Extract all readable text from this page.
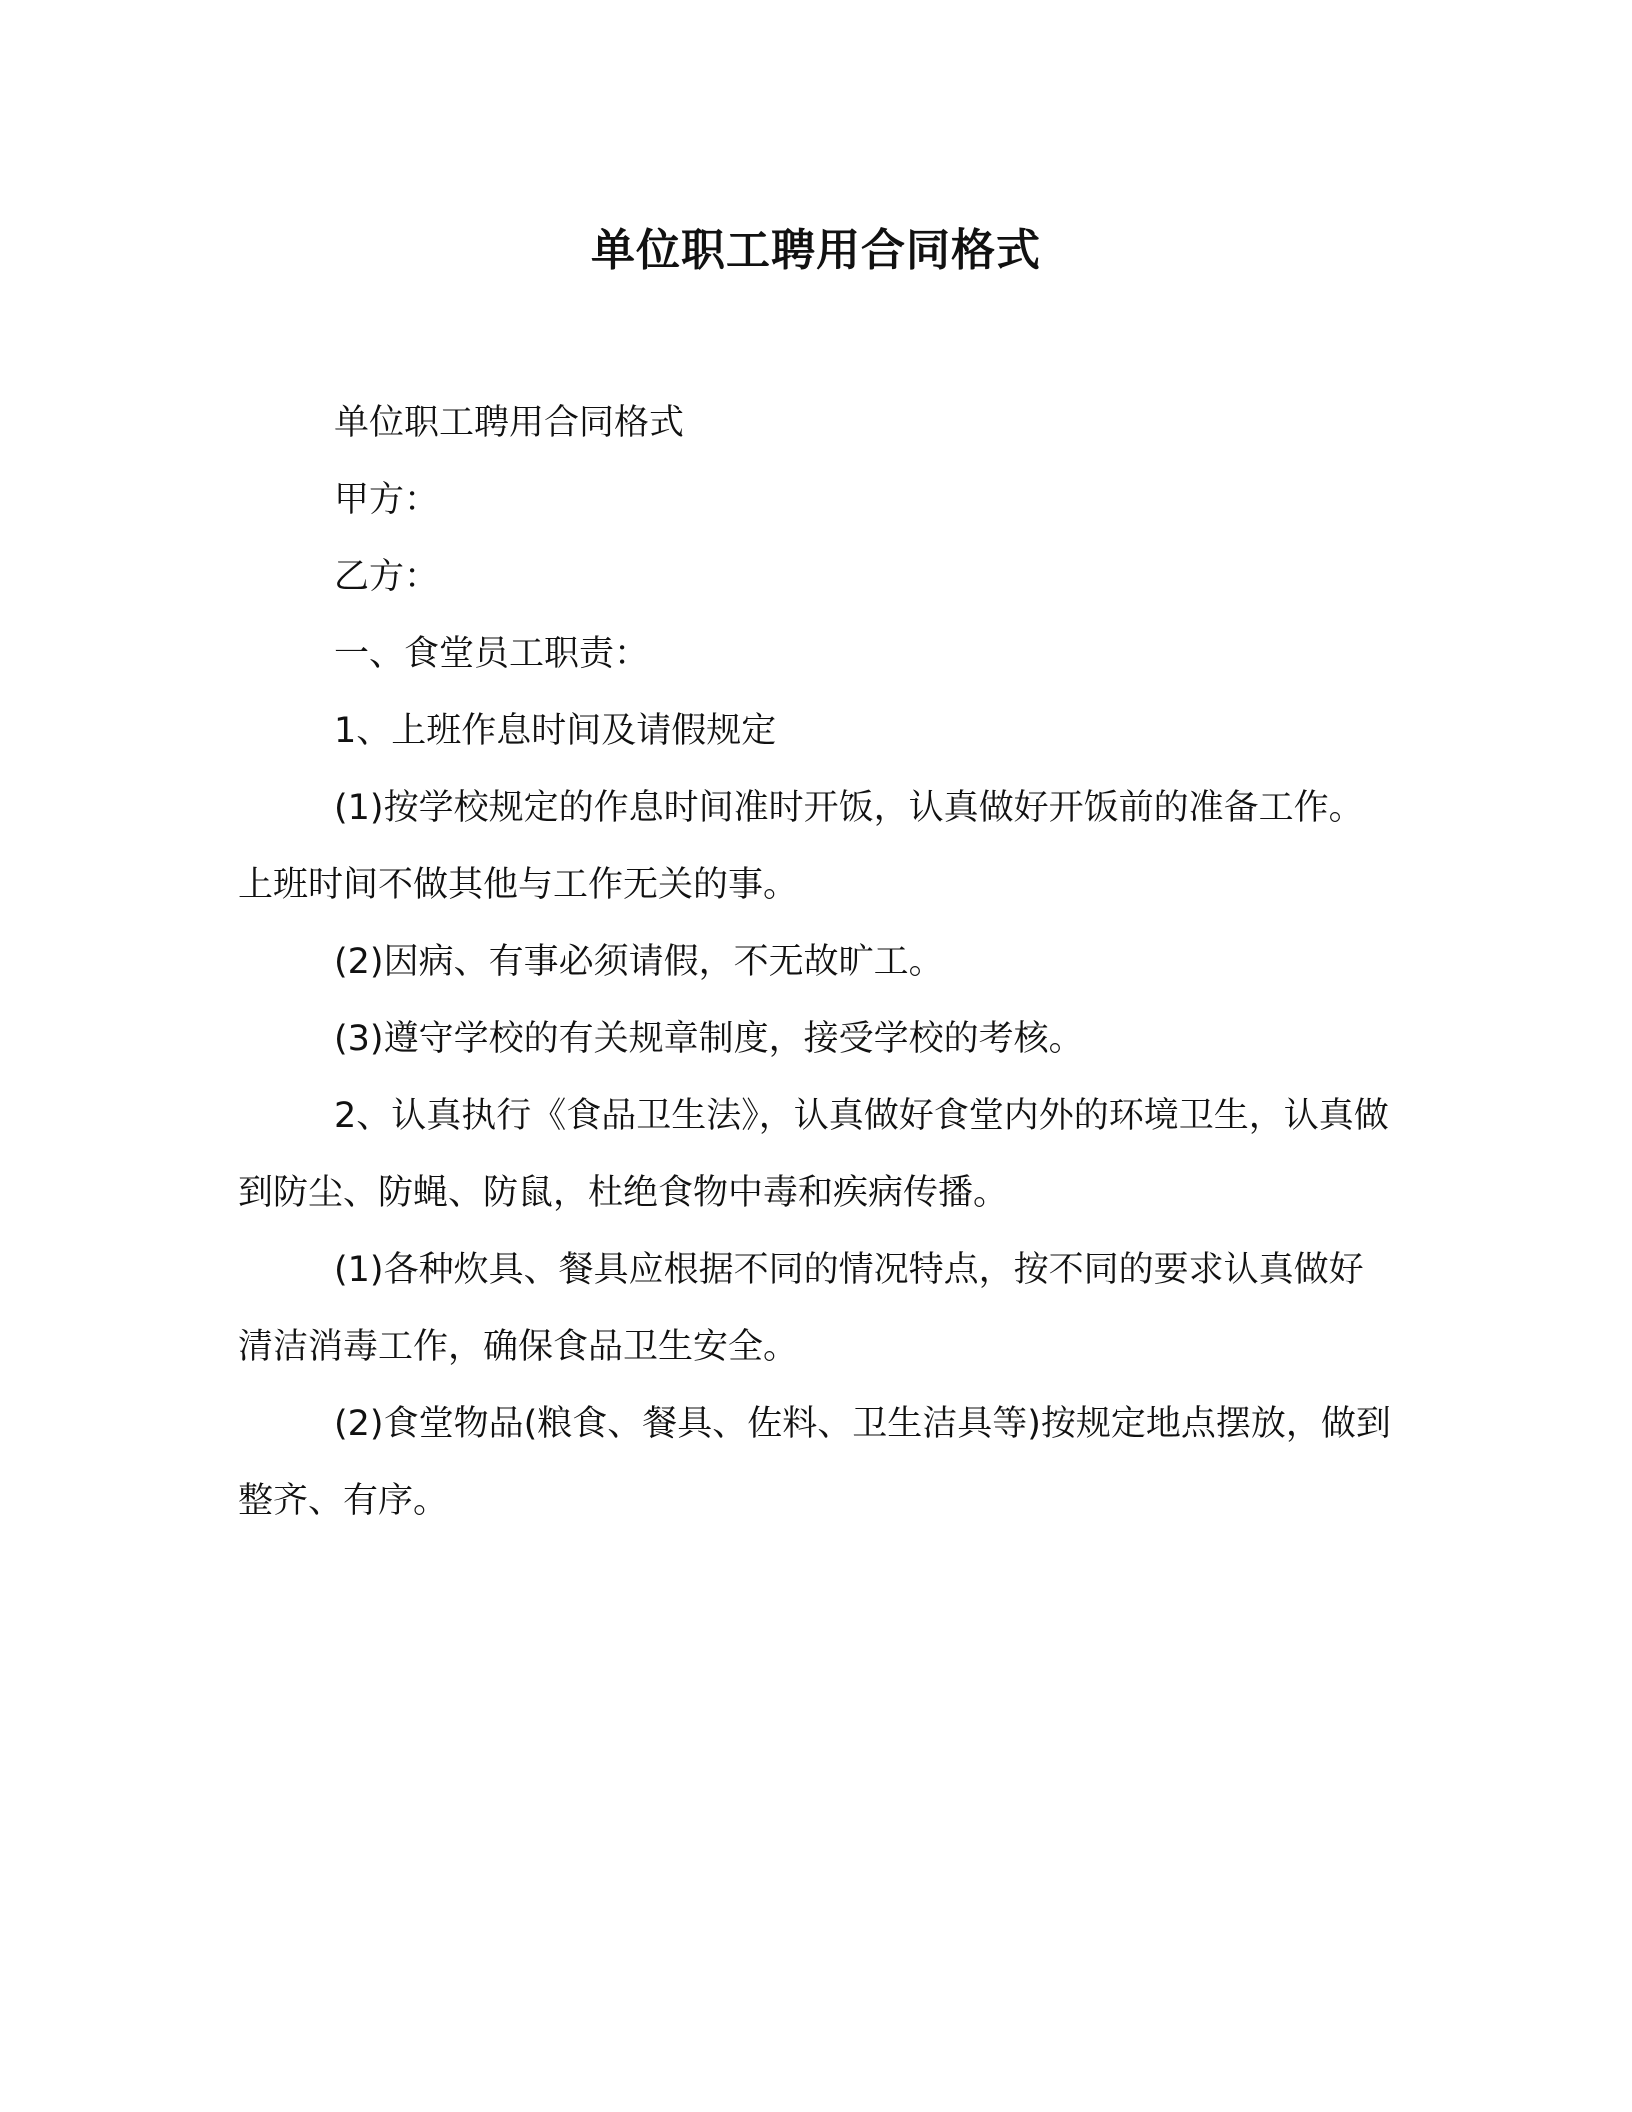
单位职工聘用合同格式

单位职工聘用合同格式

甲方：

乙方：

一、食堂员工职责：

1、上班作息时间及请假规定

(1)按学校规定的作息时间准时开饭，认真做好开饭前的准备工作。上班时间不做其他与工作无关的事。

(2)因病、有事必须请假，不无故旷工。

(3)遵守学校的有关规章制度，接受学校的考核。

2、认真执行《食品卫生法》，认真做好食堂内外的环境卫生，认真做到防尘、防蝇、防鼠，杜绝食物中毒和疾病传播。

(1)各种炊具、餐具应根据不同的情况特点，按不同的要求认真做好清洁消毒工作，确保食品卫生安全。

(2)食堂物品(粮食、餐具、佐料、卫生洁具等)按规定地点摆放，做到整齐、有序。
